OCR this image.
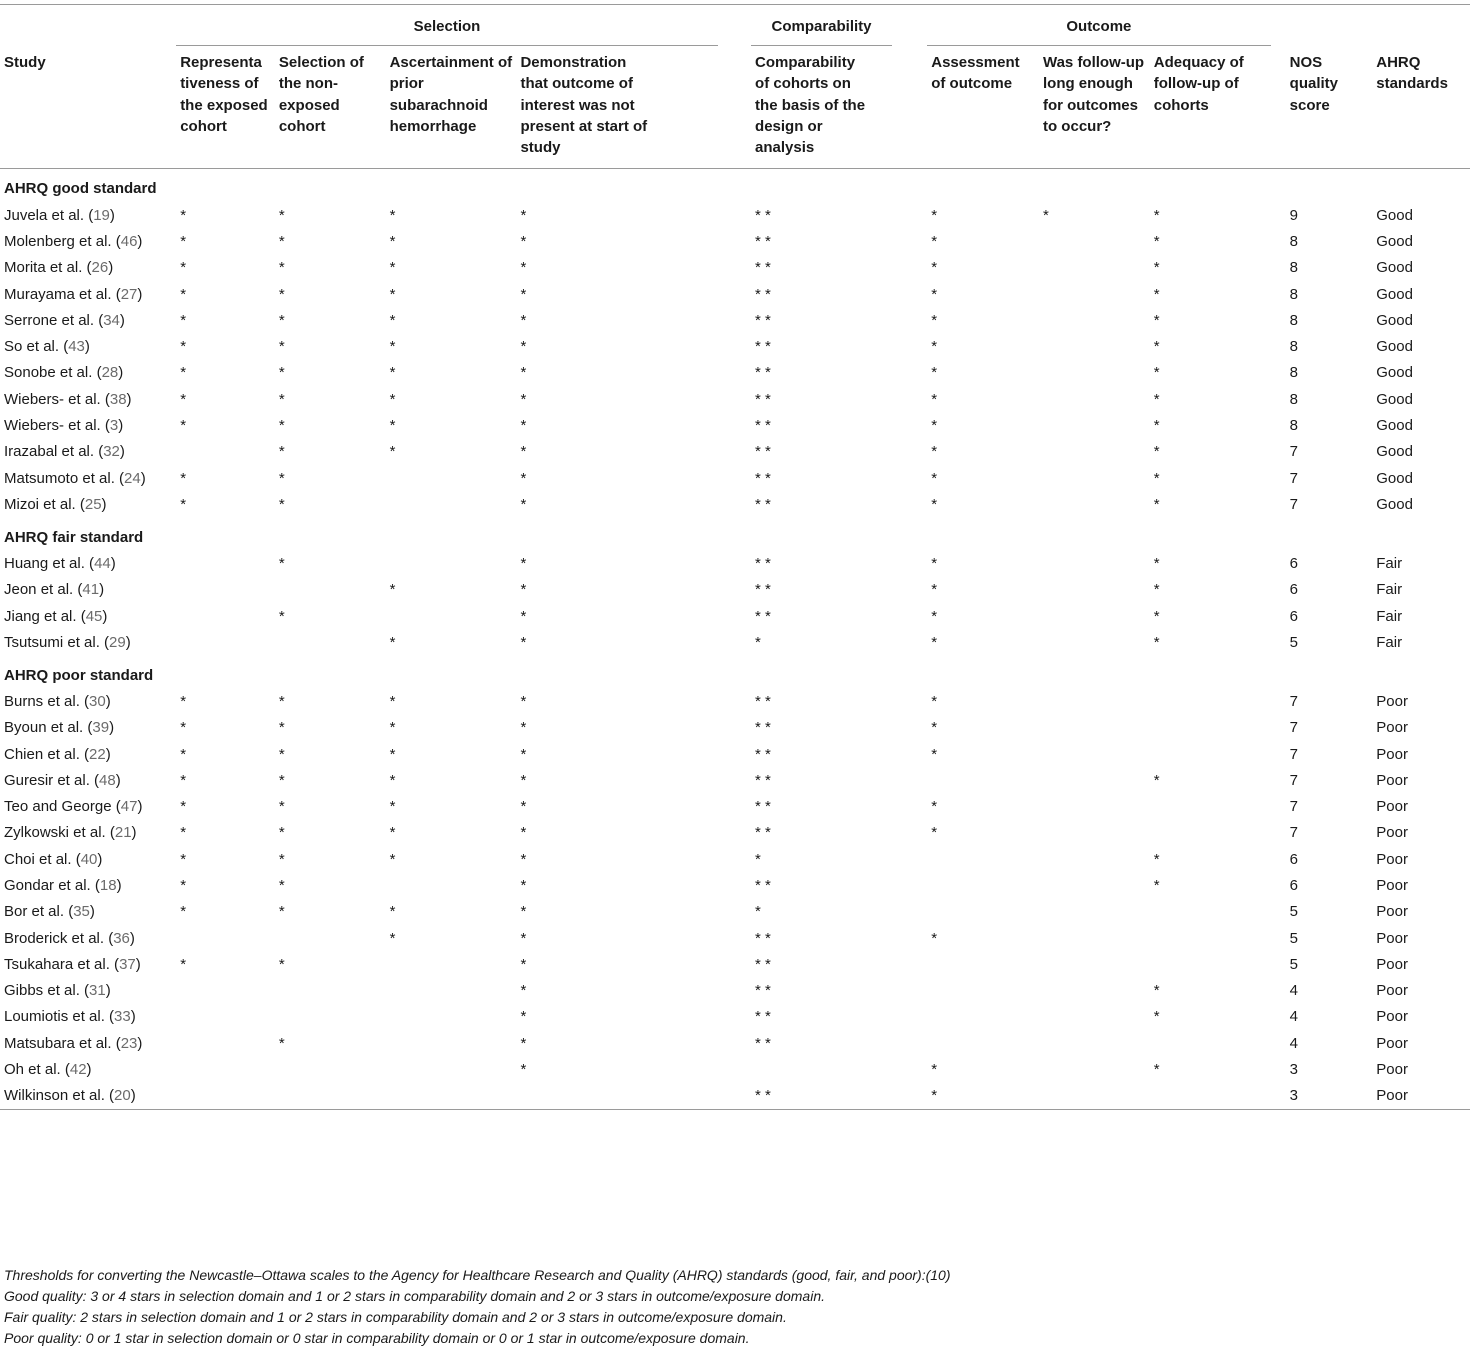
	Selection					Comparability		Outcome					

Study	Representa tiveness of the exposed cohort	Selection of the non-exposed cohort	Ascertainment of prior subarachnoid hemorrhage	Demonstration that outcome of interest was not present at start of study		Comparability of cohorts on the basis of the design or analysis		Assessment of outcome	Was follow-up long enough for outcomes to occur?	Adequacy of follow-up of cohorts		NOS quality score	AHRQ standards
AHRQ good standard													
Juvela et al. (19)	*	*	*	*		* *		*	*	*		9	Good
Molenberg et al. (46)	*	*	*	*		* *		*		*		8	Good
Morita et al. (26)	*	*	*	*		* *		*		*		8	Good
Murayama et al. (27)	*	*	*	*		* *		*		*		8	Good
Serrone et al. (34)	*	*	*	*		* *		*		*		8	Good
So et al. (43)	*	*	*	*		* *		*		*		8	Good
Sonobe et al. (28)	*	*	*	*		* *		*		*		8	Good
Wiebers- et al. (38)	*	*	*	*		* *		*		*		8	Good
Wiebers- et al. (3)	*	*	*	*		* *		*		*		8	Good
Irazabal et al. (32)		*	*	*		* *		*		*		7	Good
Matsumoto et al. (24)	*	*		*		* *		*		*		7	Good
Mizoi et al. (25)	*	*		*		* *		*		*		7	Good
AHRQ fair standard													
Huang et al. (44)		*		*		* *		*		*		6	Fair
Jeon et al. (41)			*	*		* *		*		*		6	Fair
Jiang et al. (45)		*		*		* *		*		*		6	Fair
Tsutsumi et al. (29)			*	*		*		*		*		5	Fair
AHRQ poor standard													
Burns et al. (30)	*	*	*	*		* *		*				7	Poor
Byoun et al. (39)	*	*	*	*		* *		*				7	Poor
Chien et al. (22)	*	*	*	*		* *		*				7	Poor
Guresir et al. (48)	*	*	*	*		* *				*		7	Poor
Teo and George (47)	*	*	*	*		* *		*				7	Poor
Zylkowski et al. (21)	*	*	*	*		* *		*				7	Poor
Choi et al. (40)	*	*	*	*		*				*		6	Poor
Gondar et al. (18)	*	*		*		* *				*		6	Poor
Bor et al. (35)	*	*	*	*		*						5	Poor
Broderick et al. (36)			*	*		* *		*				5	Poor
Tsukahara et al. (37)	*	*		*		* *						5	Poor
Gibbs et al. (31)				*		* *				*		4	Poor
Loumiotis et al. (33)				*		* *				*		4	Poor
Matsubara et al. (23)		*		*		* *						4	Poor
Oh et al. (42)				*				*		*		3	Poor
Wilkinson et al. (20)						* *		*				3	Poor

Thresholds for converting the Newcastle–Ottawa scales to the Agency for Healthcare Research and Quality (AHRQ) standards (good, fair, and poor):(10)

Good quality: 3 or 4 stars in selection domain and 1 or 2 stars in comparability domain and 2 or 3 stars in outcome/exposure domain.

Fair quality: 2 stars in selection domain and 1 or 2 stars in comparability domain and 2 or 3 stars in outcome/exposure domain.

Poor quality: 0 or 1 star in selection domain or 0 star in comparability domain or 0 or 1 star in outcome/exposure domain.
